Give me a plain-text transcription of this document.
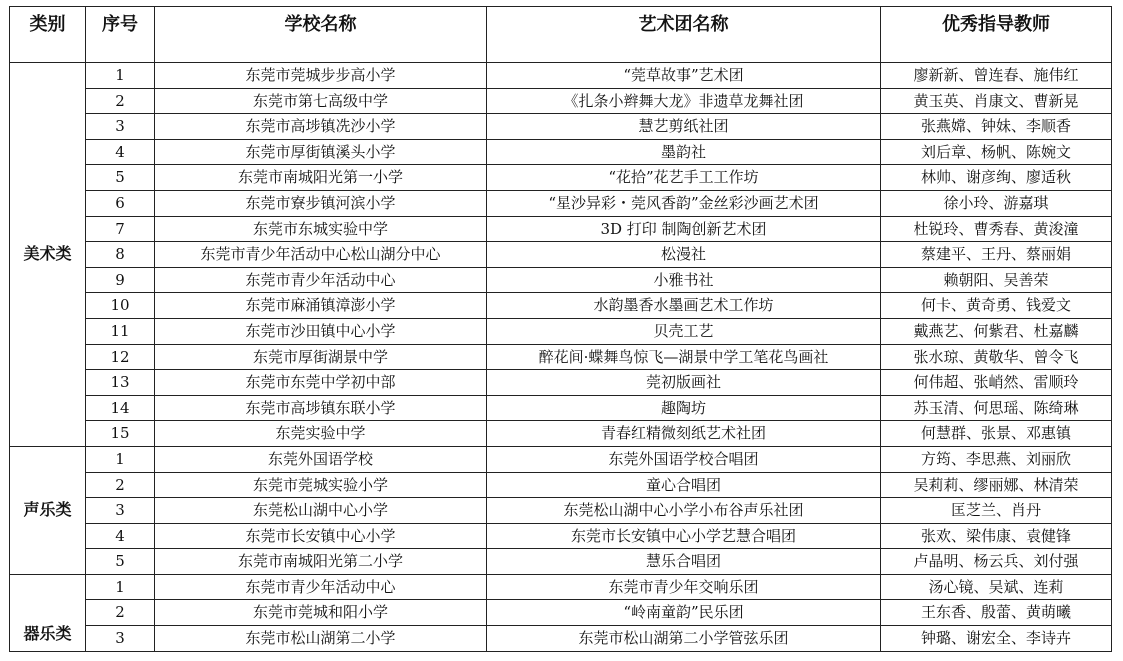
类别	序号	学校名称	艺术团名称	优秀指导教师
美术类	1	东莞市莞城步步高小学	“莞草故事”艺术团	廖新新、曾连春、施伟红
	2	东莞市第七高级中学	《扎条小辫舞大龙》非遗草龙舞社团	黄玉英、肖康文、曹新晃
	3	东莞市高埗镇冼沙小学	慧艺剪纸社团	张燕嫦、钟妹、李顺香
	4	东莞市厚街镇溪头小学	墨韵社	刘后章、杨帆、陈婉文
	5	东莞市南城阳光第一小学	“花拾”花艺手工工作坊	林帅、谢彦绚、廖适秋
	6	东莞市寮步镇河滨小学	“星沙异彩・莞风香韵”金丝彩沙画艺术团	徐小玲、游嘉琪
	7	东莞市东城实验中学	3D 打印 制陶创新艺术团	杜锐玲、曹秀春、黄浚潼
	8	东莞市青少年活动中心松山湖分中心	松漫社	蔡建平、王丹、蔡丽娟
	9	东莞市青少年活动中心	小雅书社	赖朝阳、吴善荣
	10	东莞市麻涌镇漳澎小学	水韵墨香水墨画艺术工作坊	何卡、黄奇勇、钱爱文
	11	东莞市沙田镇中心小学	贝壳工艺	戴燕艺、何紫君、杜嘉麟
	12	东莞市厚街湖景中学	醉花间·蝶舞鸟惊飞—湖景中学工笔花鸟画社	张水琼、黄敬华、曾令飞
	13	东莞市东莞中学初中部	莞初版画社	何伟超、张峭然、雷顺玲
	14	东莞市高埗镇东联小学	趣陶坊	苏玉清、何思瑶、陈绮琳
	15	东莞实验中学	青春红精微刻纸艺术社团	何慧群、张景、邓惠镇
声乐类	1	东莞外国语学校	东莞外国语学校合唱团	方筠、李思燕、刘丽欣
	2	东莞市莞城实验小学	童心合唱团	吴莉莉、缪丽娜、林清荣
	3	东莞松山湖中心小学	东莞松山湖中心小学小布谷声乐社团	匡芝兰、肖丹
	4	东莞市长安镇中心小学	东莞市长安镇中心小学艺慧合唱团	张欢、梁伟康、袁健锋
	5	东莞市南城阳光第二小学	慧乐合唱团	卢晶明、杨云兵、刘付强
器乐类	1	东莞市青少年活动中心	东莞市青少年交响乐团	汤心镜、吴斌、连莉
	2	东莞市莞城和阳小学	“岭南童韵”民乐团	王东香、殷蕾、黄萌曦
	3	东莞市松山湖第二小学	东莞市松山湖第二小学管弦乐团	钟璐、谢宏全、李诗卉
